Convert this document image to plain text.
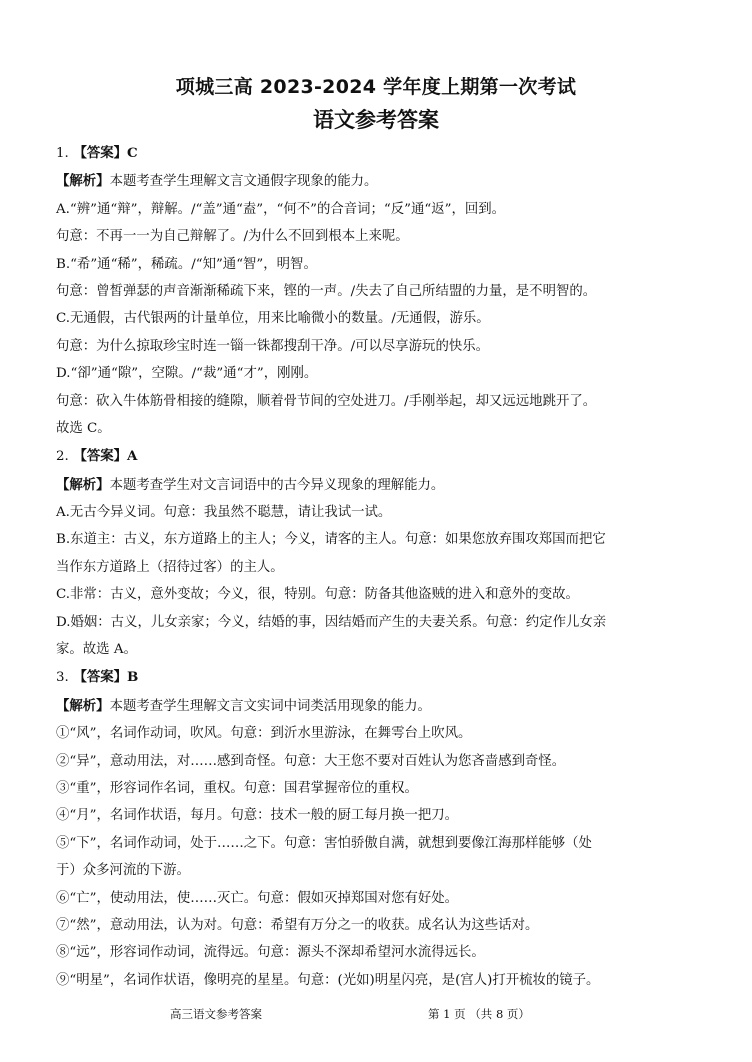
项城三高 2023-2024 学年度上期第一次考试
语文参考答案
1. 【答案】C
【解析】本题考查学生理解文言文通假字现象的能力。
A.“辨”通“辩”，辩解。/“盖”通“盍”，“何不”的合音词；“反”通“返”，回到。
句意：不再一一为自己辩解了。/为什么不回到根本上来呢。
B.“希”通“稀”，稀疏。/“知”通“智”，明智。
句意：曾皙弹瑟的声音渐渐稀疏下来，铿的一声。/失去了自己所结盟的力量，是不明智的。
C.无通假，古代银两的计量单位，用来比喻微小的数量。/无通假，游乐。
句意：为什么掠取珍宝时连一锱一铢都搜刮干净。/可以尽享游玩的快乐。
D.“卻”通“隙”，空隙。/“裁”通“才”，刚刚。
句意：砍入牛体筋骨相接的缝隙，顺着骨节间的空处进刀。/手刚举起，却又远远地跳开了。
故选 C。
2. 【答案】A
【解析】本题考查学生对文言词语中的古今异义现象的理解能力。
A.无古今异义词。句意：我虽然不聪慧，请让我试一试。
B.东道主：古义，东方道路上的主人；今义，请客的主人。句意：如果您放弃围攻郑国而把它
当作东方道路上（招待过客）的主人。
C.非常：古义，意外变故；今义，很，特别。句意：防备其他盗贼的进入和意外的变故。
D.婚姻：古义，儿女亲家；今义，结婚的事，因结婚而产生的夫妻关系。句意：约定作儿女亲
家。故选 A。
3. 【答案】B
【解析】本题考查学生理解文言文实词中词类活用现象的能力。
①“风”，名词作动词，吹风。句意：到沂水里游泳，在舞雩台上吹风。
②“异”，意动用法，对……感到奇怪。句意：大王您不要对百姓认为您吝啬感到奇怪。
③“重”，形容词作名词，重权。句意：国君掌握帝位的重权。
④“月”，名词作状语，每月。句意：技术一般的厨工每月换一把刀。
⑤“下”，名词作动词，处于……之下。句意：害怕骄傲自满，就想到要像江海那样能够（处
于）众多河流的下游。
⑥“亡”，使动用法，使……灭亡。句意：假如灭掉郑国对您有好处。
⑦“然”，意动用法，认为对。句意：希望有万分之一的收获。成名认为这些话对。
⑧“远”，形容词作动词，流得远。句意：源头不深却希望河水流得远长。
⑨“明星”，名词作状语，像明亮的星星。句意：(光如)明星闪亮，是(宫人)打开梳妆的镜子。
高三语文参考答案	第 1 页 （共 8 页）
